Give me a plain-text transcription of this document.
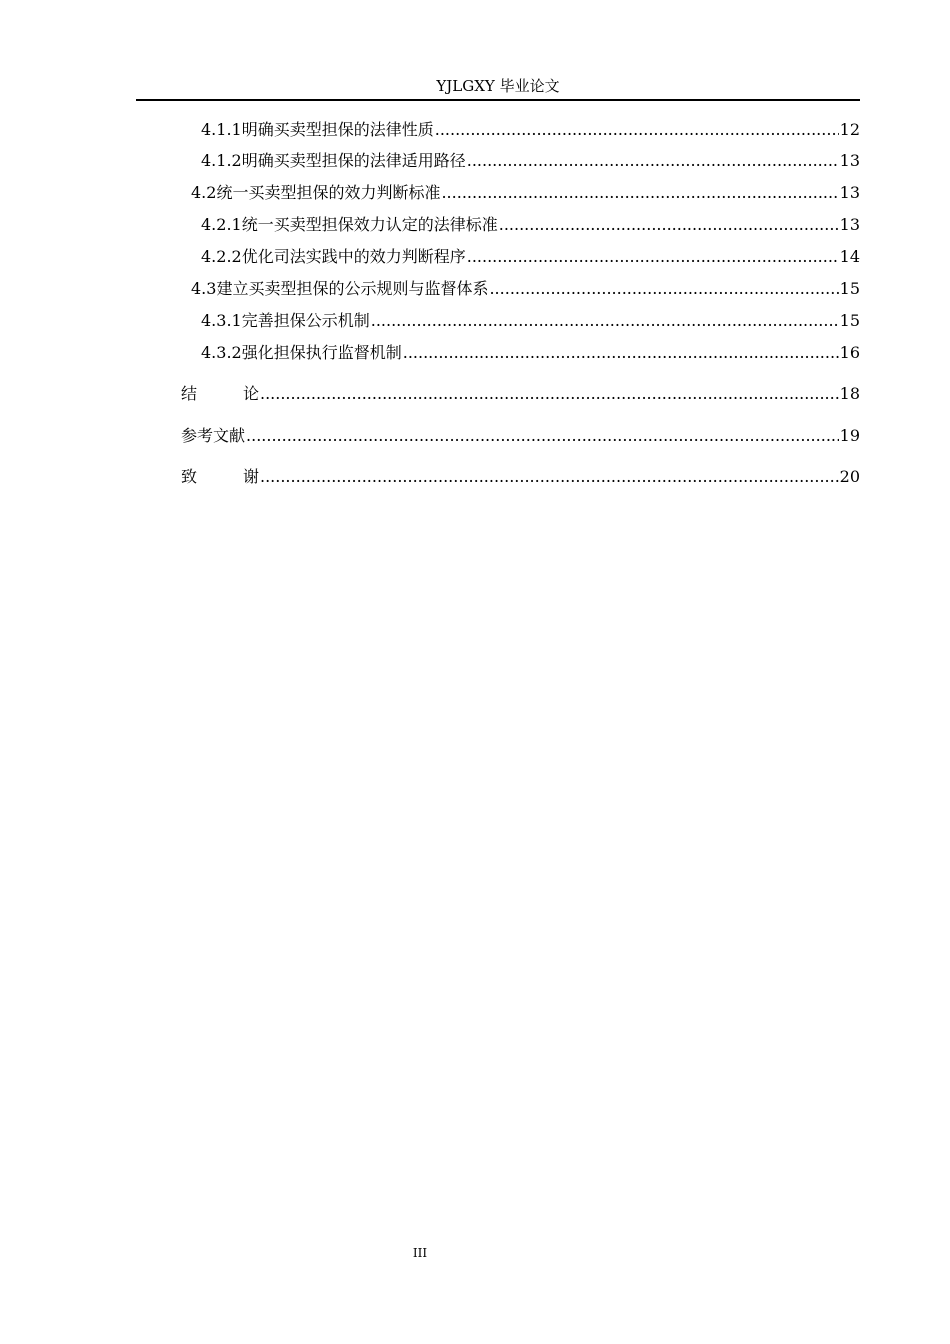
YJLGXY 毕业论文
4.1.1 明确买卖型担保的法律性质 .....	12
4.1.2 明确买卖型担保的法律适用路径 .....	13
4.2 统一买卖型担保的效力判断标准 .....	13
4.2.1 统一买卖型担保效力认定的法律标准 .....	13
4.2.2 优化司法实践中的效力判断程序 .....	14
4.3 建立买卖型担保的公示规则与监督体系 .....	15
4.3.1 完善担保公示机制 .....	15
4.3.2 强化担保执行监督机制 .....	16
结论 .....	18
参考文献 .....	19
致谢 .....	20
III
